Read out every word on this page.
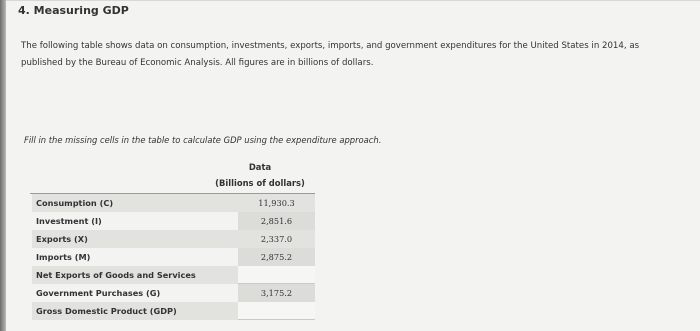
4. Measuring GDP
The following table shows data on consumption, investments, exports, imports, and government expenditures for the United States in 2014, as published by the Bureau of Economic Analysis. All figures are in billions of dollars.
Fill in the missing cells in the table to calculate GDP using the expenditure approach.
Data
(Billions of dollars)
Consumption (C)	11,930.3
Investment (I)	2,851.6
Exports (X)	2,337.0
Imports (M)	2,875.2
Net Exports of Goods and Services
Government Purchases (G)	3,175.2
Gross Domestic Product (GDP)
